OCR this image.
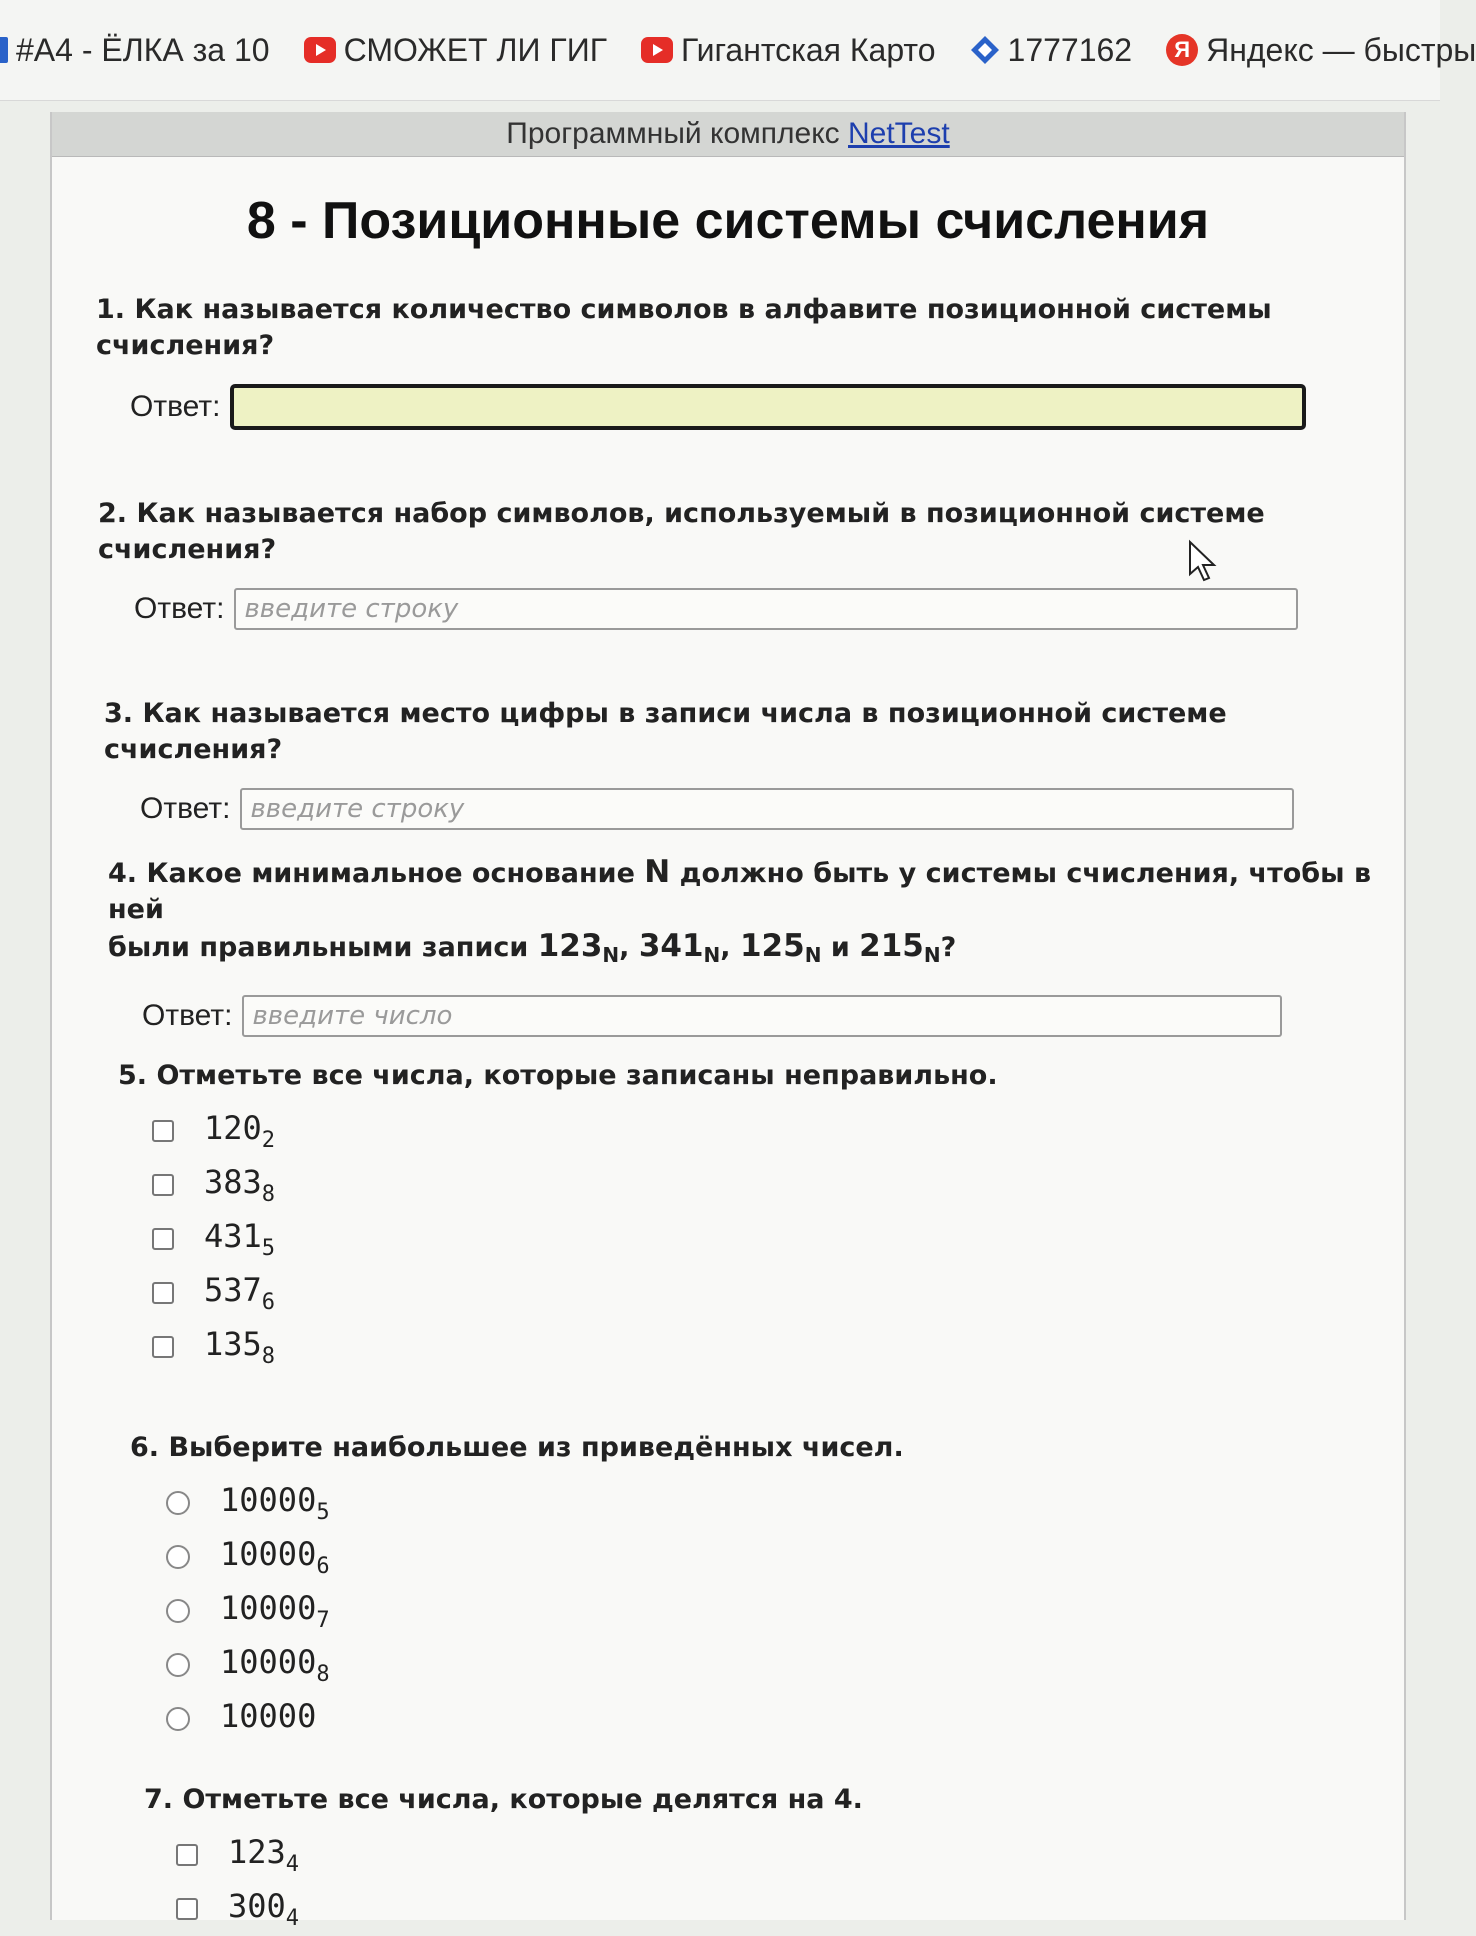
#А4 - ЁЛКА за 10 СМОЖЕТ ЛИ ГИГ Гигантская Карто 1777162	Я Яндекс — быстры
Программный комплекс NetTest
8 - Позиционные системы счисления
1. Как называется количество символов в алфавите позиционной системы счисления?
Ответ:
2. Как называется набор символов, используемый в позиционной системе счисления?
Ответ:
введите строку
3. Как называется место цифры в записи числа в позиционной системе счисления?
Ответ:
введите строку
4. Какое минимальное основание N должно быть у системы счисления, чтобы в ней
были правильными записи $123_N$, $341_N$, $125_N$ и $215_N$?
Ответ:
введите число
5. Отметьте все числа, которые записаны неправильно.
$120_2$
$383_8$
$431_5$
$537_6$
$135_8$
6. Выберите наибольшее из приведённых чисел.
$10000_5$
$10000_6$
$10000_7$
$10000_8$
10000
7. Отметьте все числа, которые делятся на 4.
$123_4$
$300_4$
